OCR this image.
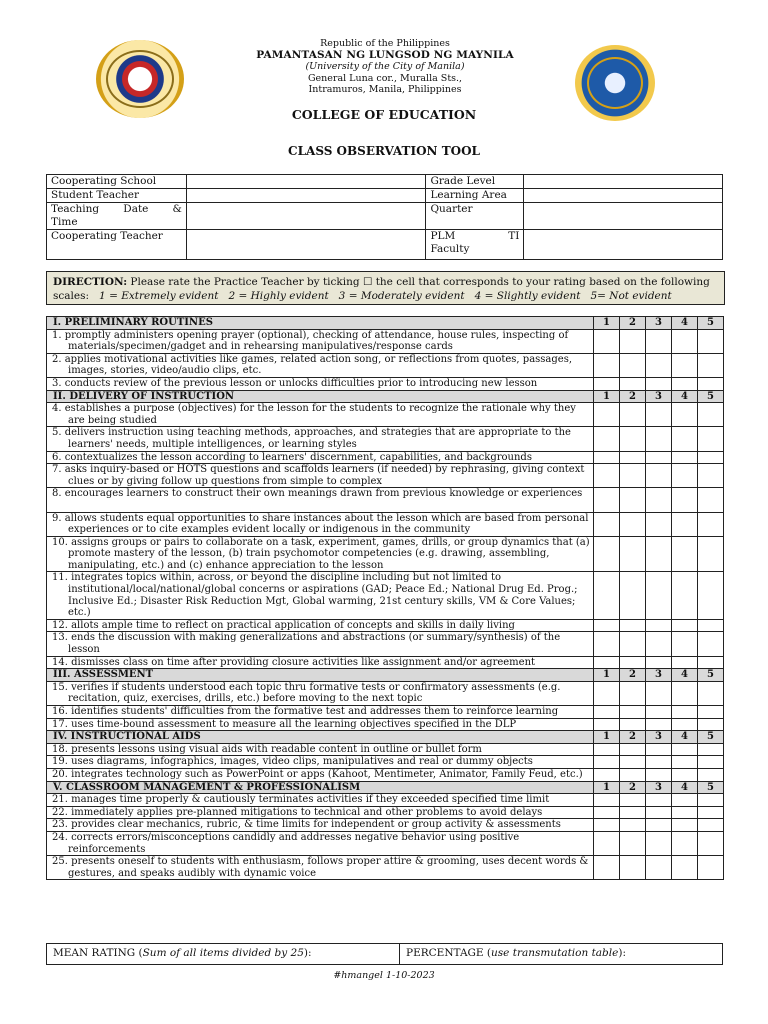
Republic of the Philippines
PAMANTASAN NG LUNGSOD NG MAYNILA
(University of the City of Manila)
General Luna cor., Muralla Sts.,
Intramuros, Manila, Philippines
COLLEGE OF EDUCATION
CLASS OBSERVATION TOOL
Cooperating School		Grade Level	
Student Teacher		Learning Area	

Teaching Date &
Time		Quarter	
Cooperating Teacher		PLM TI
Faculty	

DIRECTION: Please rate the Practice Teacher by ticking ☐ the cell that corresponds to your rating based on the following
scales: 1 = Extremely evident 2 = Highly evident 3 = Moderately evident 4 = Slightly evident 5= Not evident
I. PRELIMINARY ROUTINES	1	2	3	4	5

1. promptly administers opening prayer (optional), checking of attendance, house rules, inspecting of materials/specimen/gadget and in rehearsing manipulatives/response cards					

2. applies motivational activities like games, related action song, or reflections from quotes, passages, images, stories, video/audio clips, etc.					

3. conducts review of the previous lesson or unlocks difficulties prior to introducing new lesson					

II. DELIVERY OF INSTRUCTION	1	2	3	4	5

4. establishes a purpose (objectives) for the lesson for the students to recognize the rationale why they are being studied					

5. delivers instruction using teaching methods, approaches, and strategies that are appropriate to the learners' needs, multiple intelligences, or learning styles					

6. contextualizes the lesson according to learners' discernment, capabilities, and backgrounds					

7. asks inquiry-based or HOTS questions and scaffolds learners (if needed) by rephrasing, giving context clues or by giving follow up questions from simple to complex					

8. encourages learners to construct their own meanings drawn from previous knowledge or experiences					

9. allows students equal opportunities to share instances about the lesson which are based from personal experiences or to cite examples evident locally or indigenous in the community					

10. assigns groups or pairs to collaborate on a task, experiment, games, drills, or group dynamics that (a) promote mastery of the lesson, (b) train psychomotor competencies (e.g. drawing, assembling, manipulating, etc.) and (c) enhance appreciation to the lesson					

11. integrates topics within, across, or beyond the discipline including but not limited to institutional/local/national/global concerns or aspirations (GAD; Peace Ed.; National Drug Ed. Prog.; Inclusive Ed.; Disaster Risk Reduction Mgt, Global warming, 21st century skills, VM & Core Values; etc.)					

12. allots ample time to reflect on practical application of concepts and skills in daily living					

13. ends the discussion with making generalizations and abstractions (or summary/synthesis) of the lesson					

14. dismisses class on time after providing closure activities like assignment and/or agreement					

III. ASSESSMENT	1	2	3	4	5

15. verifies if students understood each topic thru formative tests or confirmatory assessments (e.g. recitation, quiz, exercises, drills, etc.) before moving to the next topic					

16. identifies students' difficulties from the formative test and addresses them to reinforce learning					

17. uses time-bound assessment to measure all the learning objectives specified in the DLP					

IV. INSTRUCTIONAL AIDS	1	2	3	4	5

18. presents lessons using visual aids with readable content in outline or bullet form					

19. uses diagrams, infographics, images, video clips, manipulatives and real or dummy objects					

20. integrates technology such as PowerPoint or apps (Kahoot, Mentimeter, Animator, Family Feud, etc.)					

V. CLASSROOM MANAGEMENT & PROFESSIONALISM	1	2	3	4	5

21. manages time properly & cautiously terminates activities if they exceeded specified time limit					

22. immediately applies pre-planned mitigations to technical and other problems to avoid delays					

23. provides clear mechanics, rubric, & time limits for independent or group activity & assessments					

24. corrects errors/misconceptions candidly and addresses negative behavior using positive reinforcements					

25. presents oneself to students with enthusiasm, follows proper attire & grooming, uses decent words & gestures, and speaks audibly with dynamic voice					

MEAN RATING (Sum of all items divided by 25):	PERCENTAGE (use transmutation table):
#hmangel 1-10-2023
